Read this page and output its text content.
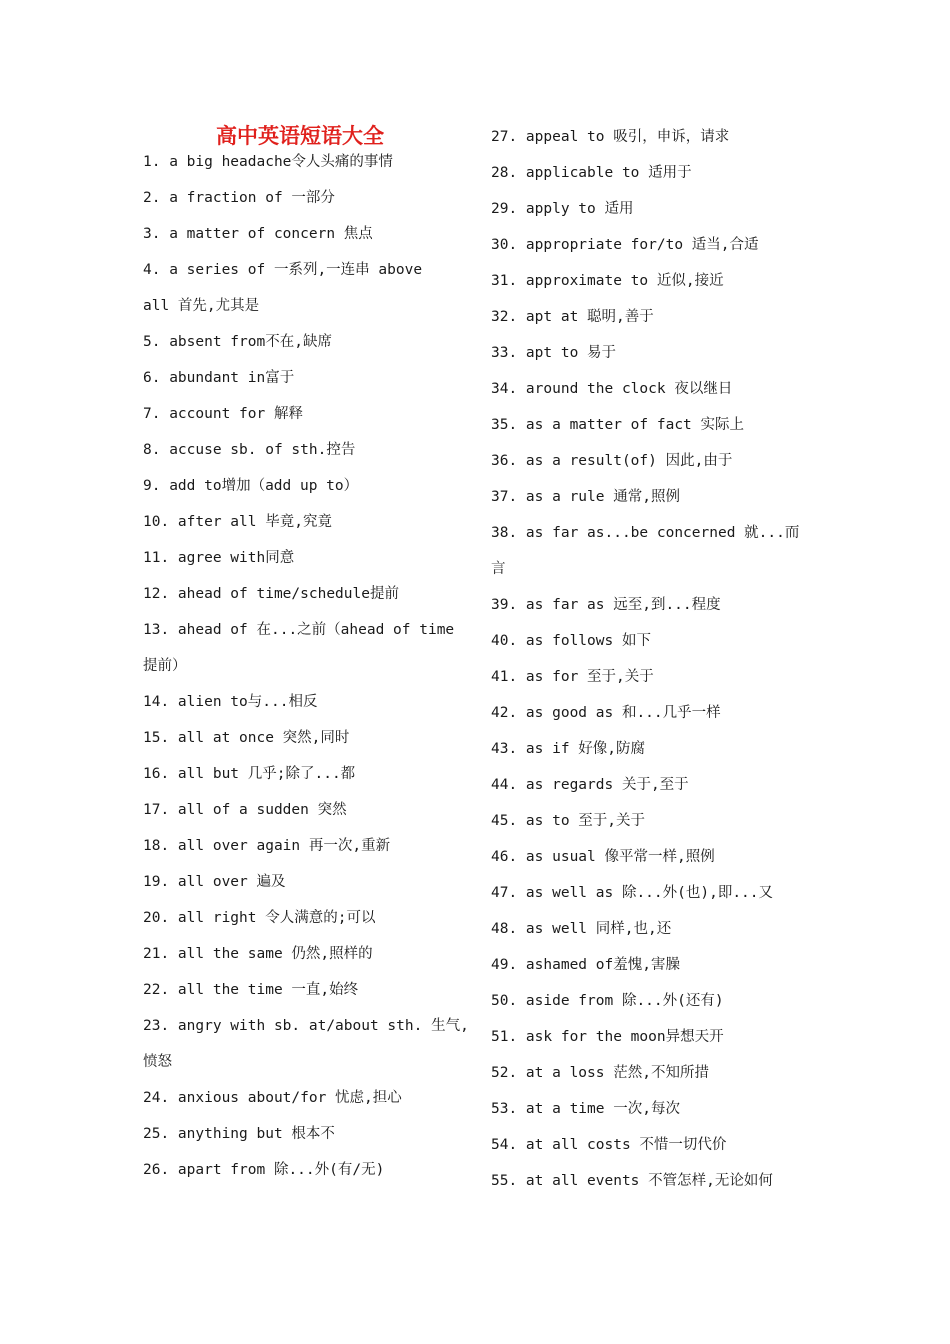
高中英语短语大全
1. a big headache令人头痛的事情
2. a fraction of 一部分
3. a matter of concern 焦点
4. a series of 一系列,一连串 above
all 首先,尤其是
5. absent from不在,缺席
6. abundant in富于
7. account for 解释
8. accuse sb. of sth.控告
9. add to增加（add up to）
10. after all 毕竟,究竟
11. agree with同意
12. ahead of time/schedule提前
13. ahead of 在...之前（ahead of time
提前）
14. alien to与...相反
15. all at once 突然,同时
16. all but 几乎;除了...都
17. all of a sudden 突然
18. all over again 再一次,重新
19. all over 遍及
20. all right 令人满意的;可以
21. all the same 仍然,照样的
22. all the time 一直,始终
23. angry with sb. at/about sth. 生气,
愤怒
24. anxious about/for 忧虑,担心
25. anything but 根本不
26. apart from 除...外(有/无)
27. appeal to 吸引，申诉，请求
28. applicable to 适用于
29. apply to 适用
30. appropriate for/to 适当,合适
31. approximate to 近似,接近
32. apt at 聪明,善于
33. apt to 易于
34. around the clock 夜以继日
35. as a matter of fact 实际上
36. as a result(of) 因此,由于
37. as a rule 通常,照例
38. as far as...be concerned 就...而
言
39. as far as 远至,到...程度
40. as follows 如下
41. as for 至于,关于
42. as good as 和...几乎一样
43. as if 好像,防腐
44. as regards 关于,至于
45. as to 至于,关于
46. as usual 像平常一样,照例
47. as well as 除...外(也),即...又
48. as well 同样,也,还
49. ashamed of羞愧,害臊
50. aside from 除...外(还有)
51. ask for the moon异想天开
52. at a loss 茫然,不知所措
53. at a time 一次,每次
54. at all costs 不惜一切代价
55. at all events 不管怎样,无论如何
